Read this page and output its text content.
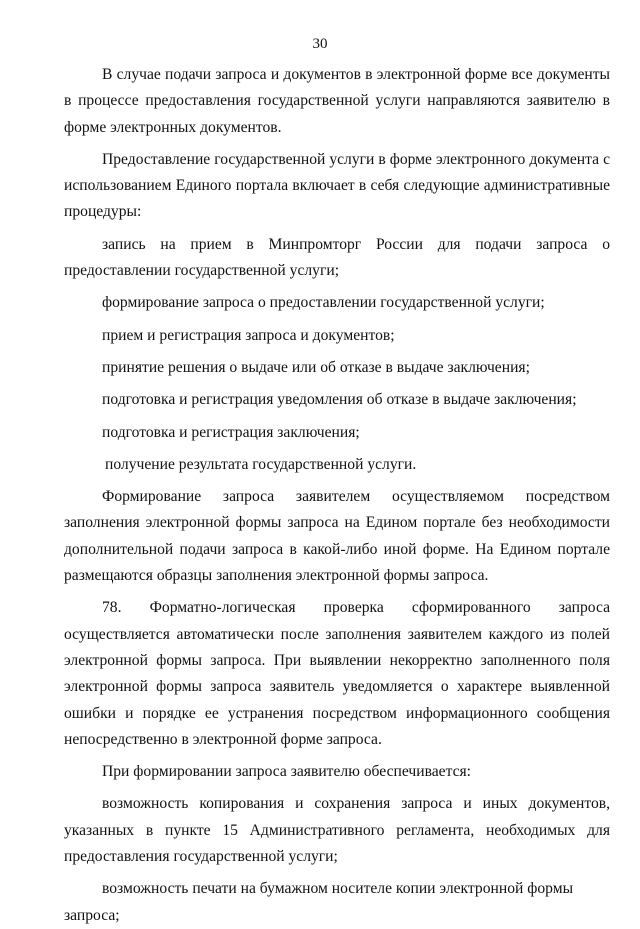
30

В случае подачи запроса и документов в электронной форме все документы в процессе предоставления государственной услуги направляются заявителю в форме электронных документов.

Предоставление государственной услуги в форме электронного документа с использованием Единого портала включает в себя следующие административные процедуры:

запись на прием в Минпромторг России для подачи запроса о предоставлении государственной услуги;

формирование запроса о предоставлении государственной услуги;

прием и регистрация запроса и документов;

принятие решения о выдаче или об отказе в выдаче заключения;

подготовка и регистрация уведомления об отказе в выдаче заключения;

подготовка и регистрация заключения;

получение результата государственной услуги.

Формирование запроса заявителем осуществляемом посредством заполнения электронной формы запроса на Едином портале без необходимости дополнительной подачи запроса в какой-либо иной форме. На Едином портале размещаются образцы заполнения электронной формы запроса.

78. Форматно-логическая проверка сформированного запроса осуществляется автоматически после заполнения заявителем каждого из полей электронной формы запроса. При выявлении некорректно заполненного поля электронной формы запроса заявитель уведомляется о характере выявленной ошибки и порядке ее устранения посредством информационного сообщения непосредственно в электронной форме запроса.

При формировании запроса заявителю обеспечивается:

возможность копирования и сохранения запроса и иных документов, указанных в пункте 15 Административного регламента, необходимых для предоставления государственной услуги;

возможность печати на бумажном носителе копии электронной формы запроса;
